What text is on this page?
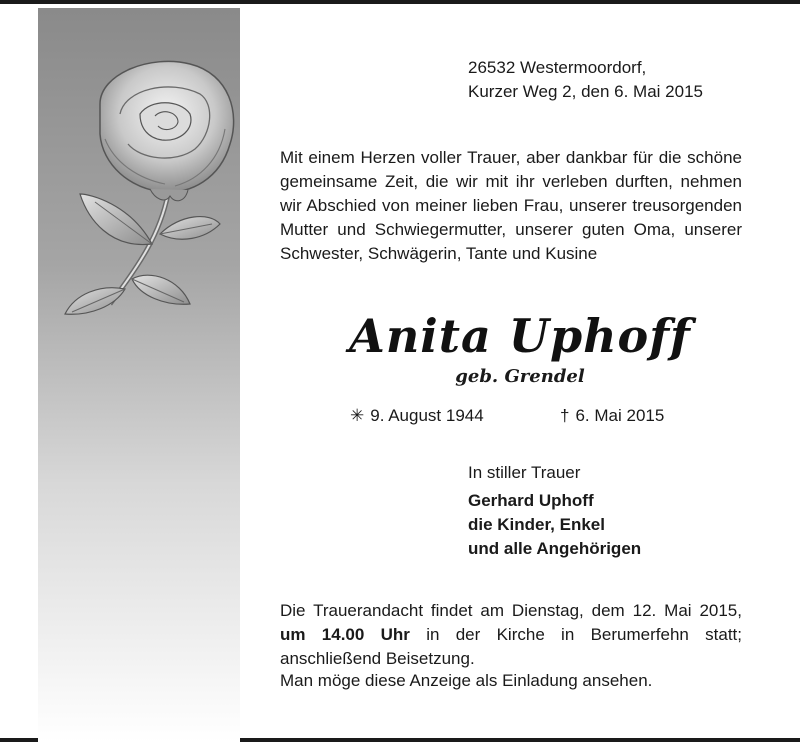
26532 Westermoordorf,
Kurzer Weg 2, den 6. Mai 2015
Mit einem Herzen voller Trauer, aber dankbar für die schöne gemeinsame Zeit, die wir mit ihr verleben durften, nehmen wir Abschied von meiner lieben Frau, unserer treusorgenden Mutter und Schwiegermutter, unserer guten Oma, unserer Schwester, Schwägerin, Tante und Kusine
Anita Uphoff
geb. Grendel
✳ 9. August 1944	† 6. Mai 2015
In stiller Trauer
Gerhard Uphoff
die Kinder, Enkel
und alle Angehörigen
Die Trauerandacht findet am Dienstag, dem 12. Mai 2015, um 14.00 Uhr in der Kirche in Berumerfehn statt; anschließend Beisetzung.
Man möge diese Anzeige als Einladung ansehen.
